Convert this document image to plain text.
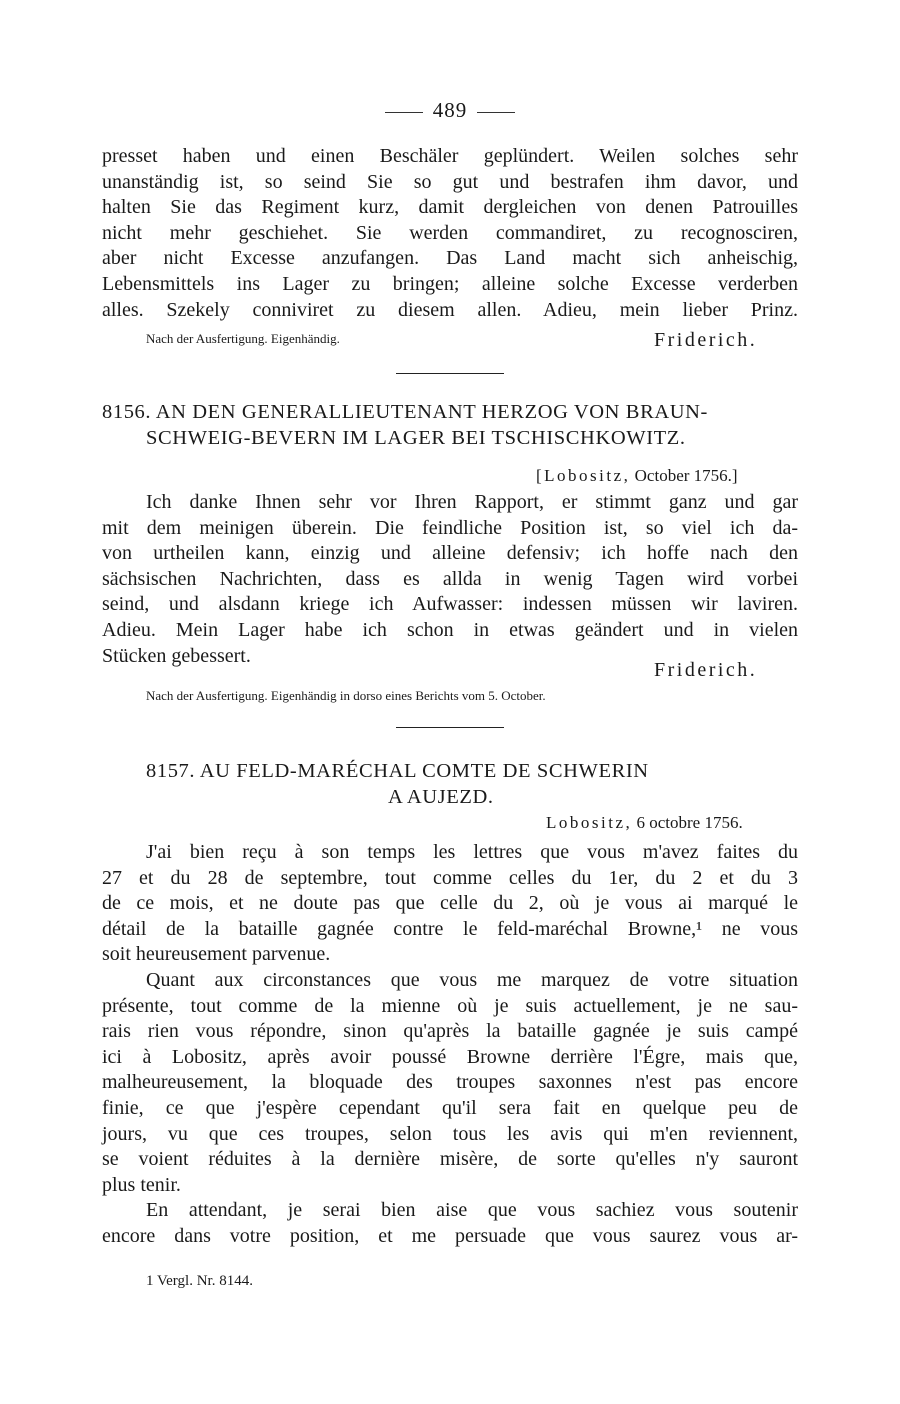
489
presset haben und einen Beschäler geplündert. Weilen solches sehr
unanständig ist, so seind Sie so gut und bestrafen ihm davor, und
halten Sie das Regiment kurz, damit dergleichen von denen Patrouilles
nicht mehr geschiehet. Sie werden commandiret, zu recognosciren,
aber nicht Excesse anzufangen. Das Land macht sich anheischig,
Lebensmittels ins Lager zu bringen; alleine solche Excesse verderben
alles. Szekely conniviret zu diesem allen. Adieu, mein lieber Prinz.
Nach der Ausfertigung. Eigenhändig.	Friderich.
8156. AN DEN GENERALLIEUTENANT HERZOG VON BRAUN-
SCHWEIG-BEVERN IM LAGER BEI TSCHISCHKOWITZ.
[Lobositz, October 1756.]
Ich danke Ihnen sehr vor Ihren Rapport, er stimmt ganz und gar
mit dem meinigen überein. Die feindliche Position ist, so viel ich da-
von urtheilen kann, einzig und alleine defensiv; ich hoffe nach den
sächsischen Nachrichten, dass es allda in wenig Tagen wird vorbei
seind, und alsdann kriege ich Aufwasser: indessen müssen wir laviren.
Adieu. Mein Lager habe ich schon in etwas geändert und in vielen
Stücken gebessert.
Friderich.
Nach der Ausfertigung. Eigenhändig in dorso eines Berichts vom 5. October.
8157. AU FELD-MARÉCHAL COMTE DE SCHWERIN
A AUJEZD.
Lobositz, 6 octobre 1756.
J'ai bien reçu à son temps les lettres que vous m'avez faites du
27 et du 28 de septembre, tout comme celles du 1er, du 2 et du 3
de ce mois, et ne doute pas que celle du 2, où je vous ai marqué le
détail de la bataille gagnée contre le feld-maréchal Browne,¹ ne vous
soit heureusement parvenue.
Quant aux circonstances que vous me marquez de votre situation
présente, tout comme de la mienne où je suis actuellement, je ne sau-
rais rien vous répondre, sinon qu'après la bataille gagnée je suis campé
ici à Lobositz, après avoir poussé Browne derrière l'Égre, mais que,
malheureusement, la bloquade des troupes saxonnes n'est pas encore
finie, ce que j'espère cependant qu'il sera fait en quelque peu de
jours, vu que ces troupes, selon tous les avis qui m'en reviennent,
se voient réduites à la dernière misère, de sorte qu'elles n'y sauront
plus tenir.
En attendant, je serai bien aise que vous sachiez vous soutenir
encore dans votre position, et me persuade que vous saurez vous ar-
1 Vergl. Nr. 8144.
